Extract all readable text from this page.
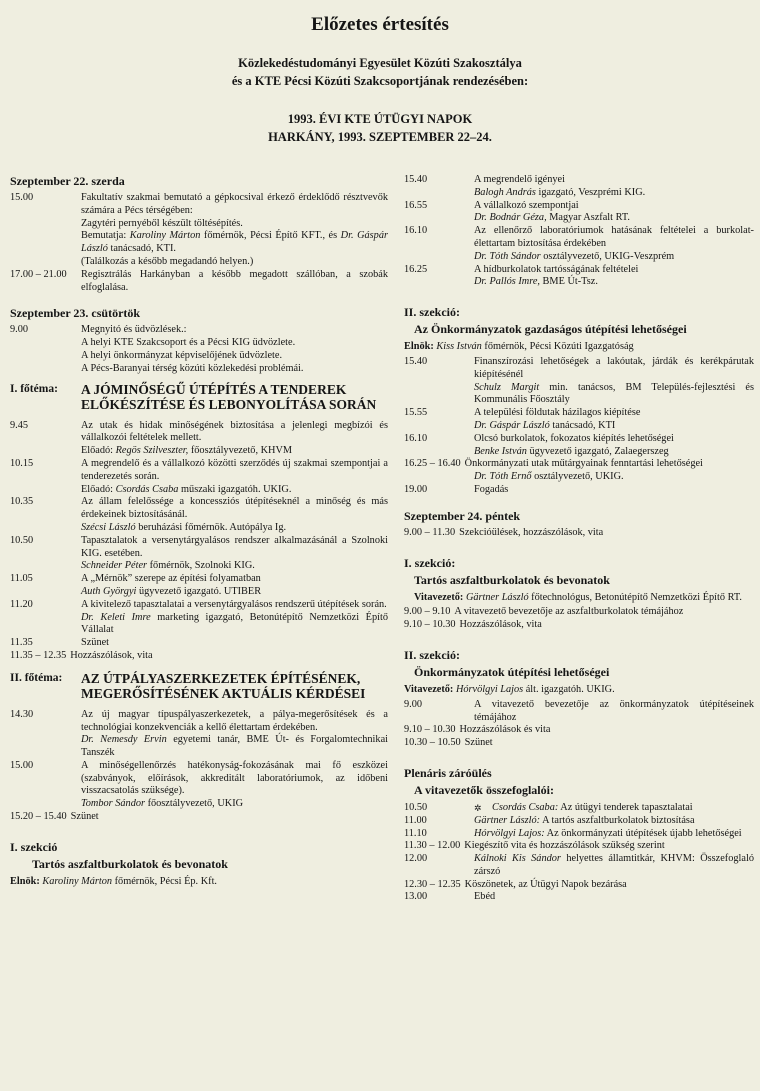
Előzetes értesítés
Közlekedéstudományi Egyesület Közúti Szakosztálya
és a KTE Pécsi Közúti Szakcsoportjának rendezésében:
1993. ÉVI KTE ÚTÜGYI NAPOK
HARKÁNY, 1993. SZEPTEMBER 22–24.
Szeptember 22. szerda
15.00	Fakultatív szakmai bemutató a gépkocsival érkező érdeklődő résztvevők számára a Pécs térségében:
Zagytéri pernyéből készült töltésépítés.
Bemutatja: Karoliny Márton főmérnök, Pécsi Építő KFT., és Dr. Gáspár László tanácsadó, KTI.
(Találkozás a később megadandó helyen.)
17.00 – 21.00	Regisztrálás Harkányban a később megadott szállóban, a szobák elfoglalása.
Szeptember 23. csütörtök
9.00	Megnyitó és üdvözlések.:
A helyi KTE Szakcsoport és a Pécsi KIG üdvözlete.
A helyi önkormányzat képviselőjének üdvözlete.
A Pécs-Baranyai térség közúti közlekedési problémái.
I. főtéma:	A JÓMINŐSÉGŰ ÚTÉPÍTÉS A TENDEREK ELŐKÉSZÍTÉSE ÉS LEBONYOLÍTÁSA SORÁN
9.45	Az utak és hidak minőségének biztosítása a jelenlegi megbízói és vállalkozói feltételek mellett.
Előadó: Regös Szilveszter, főosztályvezető, KHVM
10.15	A megrendelő és a vállalkozó közötti szerződés új szakmai szempontjai a tenderezetés során.
Előadó: Csordás Csaba műszaki igazgatóh. UKIG.
10.35	Az állam felelőssége a koncessziós útépítéseknél a minőség és más érdekeinek biztosításánál.
Szécsi László beruházási főmérnök. Autópálya Ig.
10.50	Tapasztalatok a versenytárgyalásos rendszer alkalmazásánál a Szolnoki KIG. esetében.
Schneider Péter főmérnök, Szolnoki KIG.
11.05	A „Mérnök” szerepe az építési folyamatban
Auth Györgyi ügyvezető igazgató. UTIBER
11.20	A kivitelező tapasztalatai a versenytárgyalásos rendszerű útépítések során.
Dr. Keleti Imre marketing igazgató, Betonútépítő Nemzetközi Építő Vállalat
11.35	Szünet
11.35 – 12.35 Hozzászólások, vita
II. főtéma:	AZ ÚTPÁLYASZERKEZETEK ÉPÍTÉSÉNEK, MEGERŐSÍTÉSÉNEK AKTUÁLIS KÉRDÉSEI
14.30	Az új magyar típuspályaszerkezetek, a pálya-megerősítések és a technológiai konzekvenciák a kellő élettartam érdekében.
Dr. Nemesdy Ervin egyetemi tanár, BME Út- és Forgalomtechnikai Tanszék
15.00	A minőségellenőrzés hatékonyság-fokozásának mai fő eszközei (szabványok, előírások, akkreditált laboratóriumok, az időbeni visszacsatolás szüksége).
Tombor Sándor főosztályvezető, UKIG
15.20 – 15.40 Szünet
I. szekció
Tartós aszfaltburkolatok és bevonatok
Elnök: Karoliny Márton főmérnök, Pécsi Ép. Kft.
15.40	A megrendelő igényei
Balogh András igazgató, Veszprémi KIG.
16.55	A vállalkozó szempontjai
Dr. Bodnár Géza, Magyar Aszfalt RT.
16.10	Az ellenőrző laboratóriumok hatásának feltételei a burkolat-élettartam biztosítása érdekében
Dr. Tóth Sándor osztályvezető, UKIG-Veszprém
16.25	A hídburkolatok tartósságának feltételei
Dr. Pallós Imre, BME Út-Tsz.
II. szekció:
Az Önkormányzatok gazdaságos útépítési lehetőségei
Elnök: Kiss István főmérnök, Pécsi Közúti Igazgatóság
15.40	Finanszírozási lehetőségek a lakóutak, járdák és kerékpárutak kiépítésénél
Schulz Margit min. tanácsos, BM Település-fejlesztési és Kommunális Főosztály
15.55	A települési földutak házilagos kiépítése
Dr. Gáspár László tanácsadó, KTI
16.10	Olcsó burkolatok, fokozatos kiépítés lehetőségei
Benke István ügyvezető igazgató, Zalaegerszeg
16.25 – 16.40 Önkormányzati utak műtárgyainak fenntartási lehetőségei
Dr. Tóth Ernő osztályvezető, UKIG.
19.00	Fogadás
Szeptember 24. péntek
9.00 – 11.30 Szekcióülések, hozzászólások, vita
I. szekció:
Tartós aszfaltburkolatok és bevonatok
Vitavezető: Gärtner László főtechnológus, Betonútépítő Nemzetközi Építő RT.
9.00 – 9.10 A vitavezető bevezetője az aszfaltburkolatok témájához
9.10 – 10.30 Hozzászólások, vita
II. szekció:
Önkormányzatok útépítési lehetőségei
Vitavezető: Hórvölgyi Lajos ált. igazgatóh. UKIG.
9.00	A vitavezető bevezetője az önkormányzatok útépítéseinek témájához
9.10 – 10.30 Hozzászólások és vita
10.30 – 10.50 Szünet
Plenáris záróülés
A vitavezetők összefoglalói:
10.50	✲ Csordás Csaba: Az útügyi tenderek tapasztalatai
11.00	Gärtner László: A tartós aszfaltburkolatok biztosítása
11.10	Hórvölgyi Lajos: Az önkormányzati útépítések újabb lehetőségei
11.30 – 12.00 Kiegészítő vita és hozzászólások szükség szerint
12.00	Kálnoki Kis Sándor helyettes államtitkár, KHVM: Összefoglaló zárszó
12.30 – 12.35 Köszönetek, az Útügyi Napok bezárása
13.00	Ebéd
